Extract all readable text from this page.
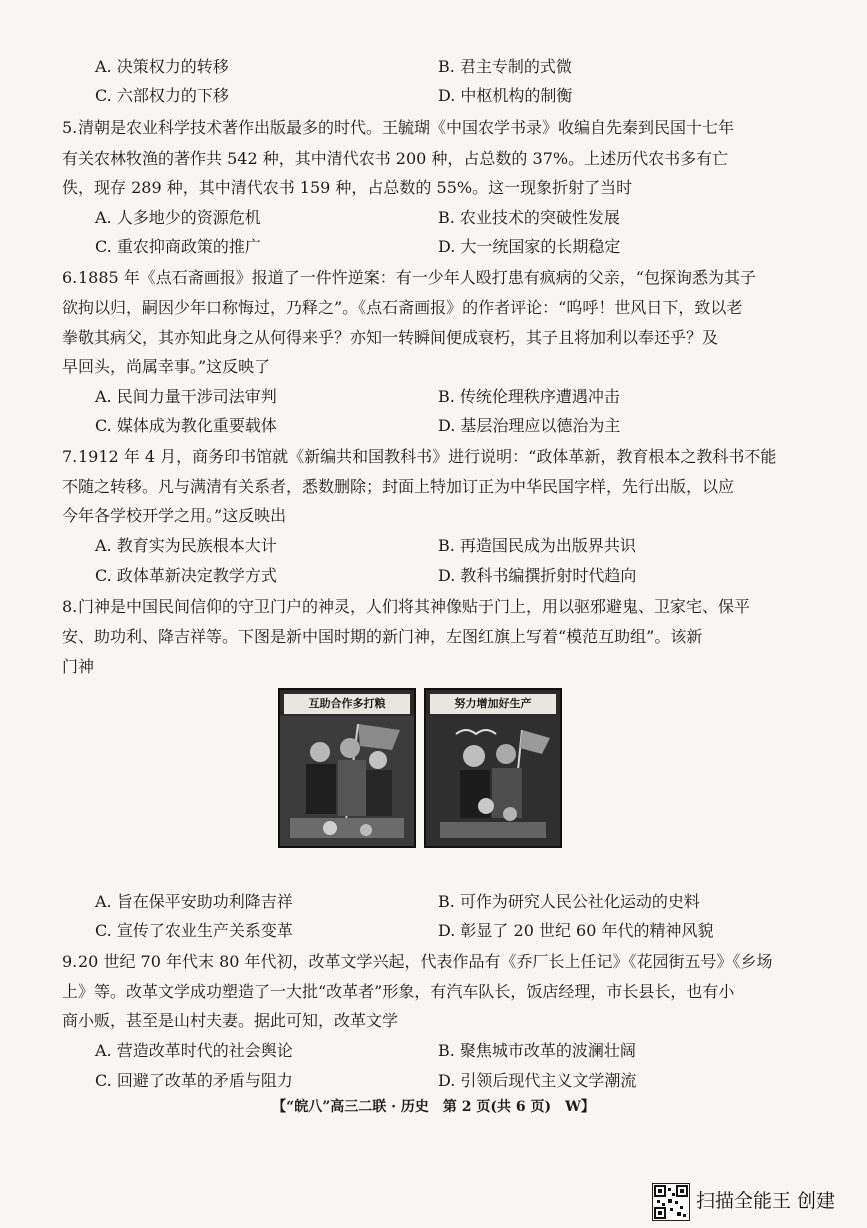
A. 决策权力的转移	B. 君主专制的式微
C. 六部权力的下移	D. 中枢机构的制衡
5. 清朝是农业科学技术著作出版最多的时代。王毓瑚《中国农学书录》收编自先秦到民国十七年
有关农林牧渔的著作共 542 种，其中清代农书 200 种，占总数的 37%。上述历代农书多有亡
佚，现存 289 种，其中清代农书 159 种，占总数的 55%。这一现象折射了当时
A. 人多地少的资源危机	B. 农业技术的突破性发展
C. 重农抑商政策的推广	D. 大一统国家的长期稳定
6. 1885 年《点石斋画报》报道了一件忤逆案：有一少年人殴打患有疯病的父亲，“包探询悉为其子
欲拘以归，嗣因少年口称悔过，乃释之”。《点石斋画报》的作者评论：“呜呼！世风日下，致以老
拳敬其病父，其亦知此身之从何得来乎？亦知一转瞬间便成衰朽，其子且将加利以奉还乎？及
早回头，尚属幸事。”这反映了
A. 民间力量干涉司法审判	B. 传统伦理秩序遭遇冲击
C. 媒体成为教化重要载体	D. 基层治理应以德治为主
7. 1912 年 4 月，商务印书馆就《新编共和国教科书》进行说明：“政体革新，教育根本之教科书不能
不随之转移。凡与满清有关系者，悉数删除；封面上特加订正为中华民国字样，先行出版，以应
今年各学校开学之用。”这反映出
A. 教育实为民族根本大计	B. 再造国民成为出版界共识
C. 政体革新决定教学方式	D. 教科书编撰折射时代趋向
8. 门神是中国民间信仰的守卫门户的神灵，人们将其神像贴于门上，用以驱邪避鬼、卫家宅、保平
安、助功利、降吉祥等。下图是新中国时期的新门神，左图红旗上写着“模范互助组”。该新
门神
互助合作多打粮	努力增加好生产
A. 旨在保平安助功利降吉祥	B. 可作为研究人民公社化运动的史料
C. 宣传了农业生产关系变革	D. 彰显了 20 世纪 60 年代的精神风貌
9. 20 世纪 70 年代末 80 年代初，改革文学兴起，代表作品有《乔厂长上任记》《花园街五号》《乡场
上》等。改革文学成功塑造了一大批“改革者”形象，有汽车队长，饭店经理，市长县长，也有小
商小贩，甚至是山村夫妻。据此可知，改革文学
A. 营造改革时代的社会舆论	B. 聚焦城市改革的波澜壮阔
C. 回避了改革的矛盾与阻力	D. 引领后现代主义文学潮流
【“皖八”高三二联 · 历史　第 2 页(共 6 页)　W】
扫描全能王 创建
